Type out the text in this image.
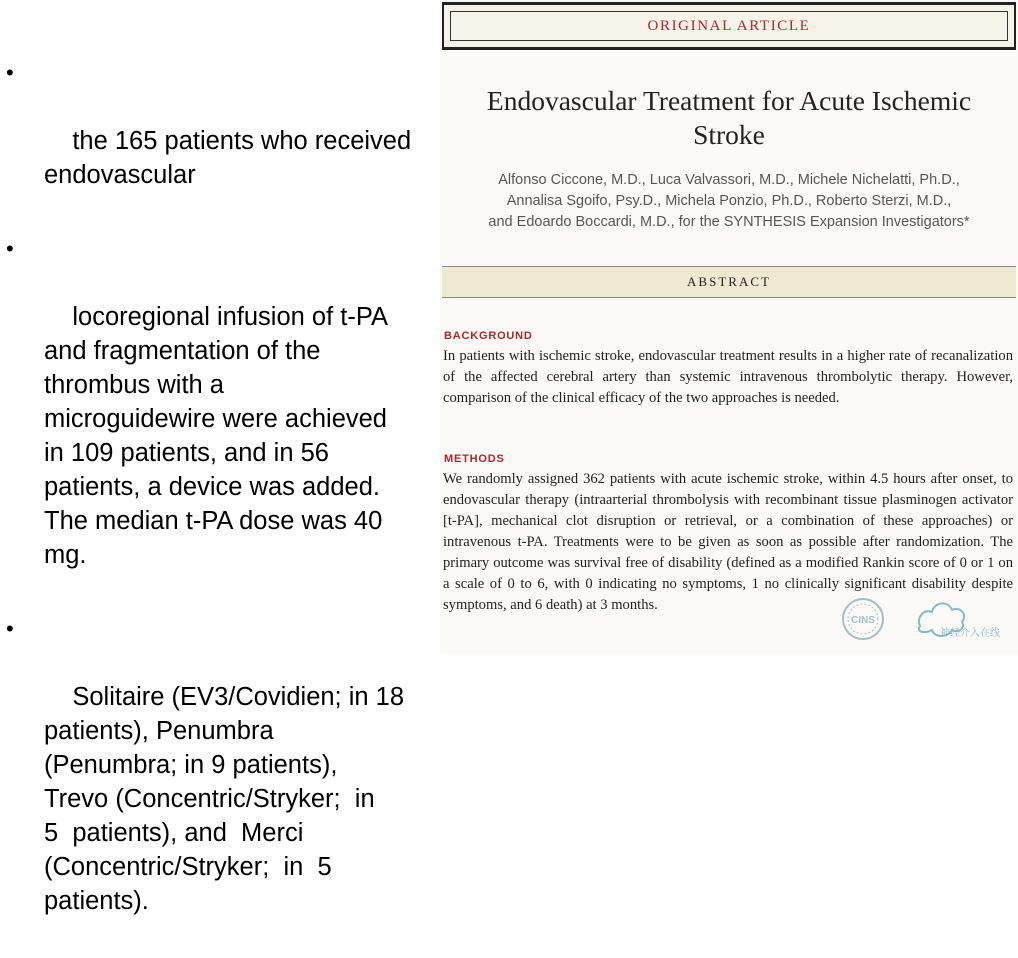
•

the 165 patients who received
endovascular

•

locoregional infusion of t-PA
and fragmentation of the
thrombus with a
microguidewire were achieved
in 109 patients, and in 56
patients, a device was added.
The median t-PA dose was 40
mg.

•

Solitaire (EV3/Covidien; in 18
patients), Penumbra
(Penumbra; in 9 patients),
Trevo (Concentric/Stryker;  in
5  patients), and  Merci
(Concentric/Stryker;  in  5
patients).

ORIGINAL ARTICLE
Endovascular Treatment for Acute Ischemic
Stroke
Alfonso Ciccone, M.D., Luca Valvassori, M.D., Michele Nichelatti, Ph.D.,
Annalisa Sgoifo, Psy.D., Michela Ponzio, Ph.D., Roberto Sterzi, M.D.,
and Edoardo Boccardi, M.D., for the SYNTHESIS Expansion Investigators*
ABSTRACT
BACKGROUND
In patients with ischemic stroke, endovascular treatment results in a higher rate of recanalization of the affected cerebral artery than systemic intravenous thrombolytic therapy. However, comparison of the clinical efficacy of the two approaches is needed.
METHODS
We randomly assigned 362 patients with acute ischemic stroke, within 4.5 hours after onset, to endovascular therapy (intraarterial thrombolysis with recombinant tissue plasminogen activator [t-PA], mechanical clot disruption or retrieval, or a combination of these approaches) or intravenous t-PA. Treatments were to be given as soon as possible after randomization. The primary outcome was survival free of disability (defined as a modified Rankin score of 0 or 1 on a scale of 0 to 6, with 0 indicating no symptoms, 1 no clinically significant disability despite symptoms, and 6 death) at 3 months.
CINS
神经介入在线
